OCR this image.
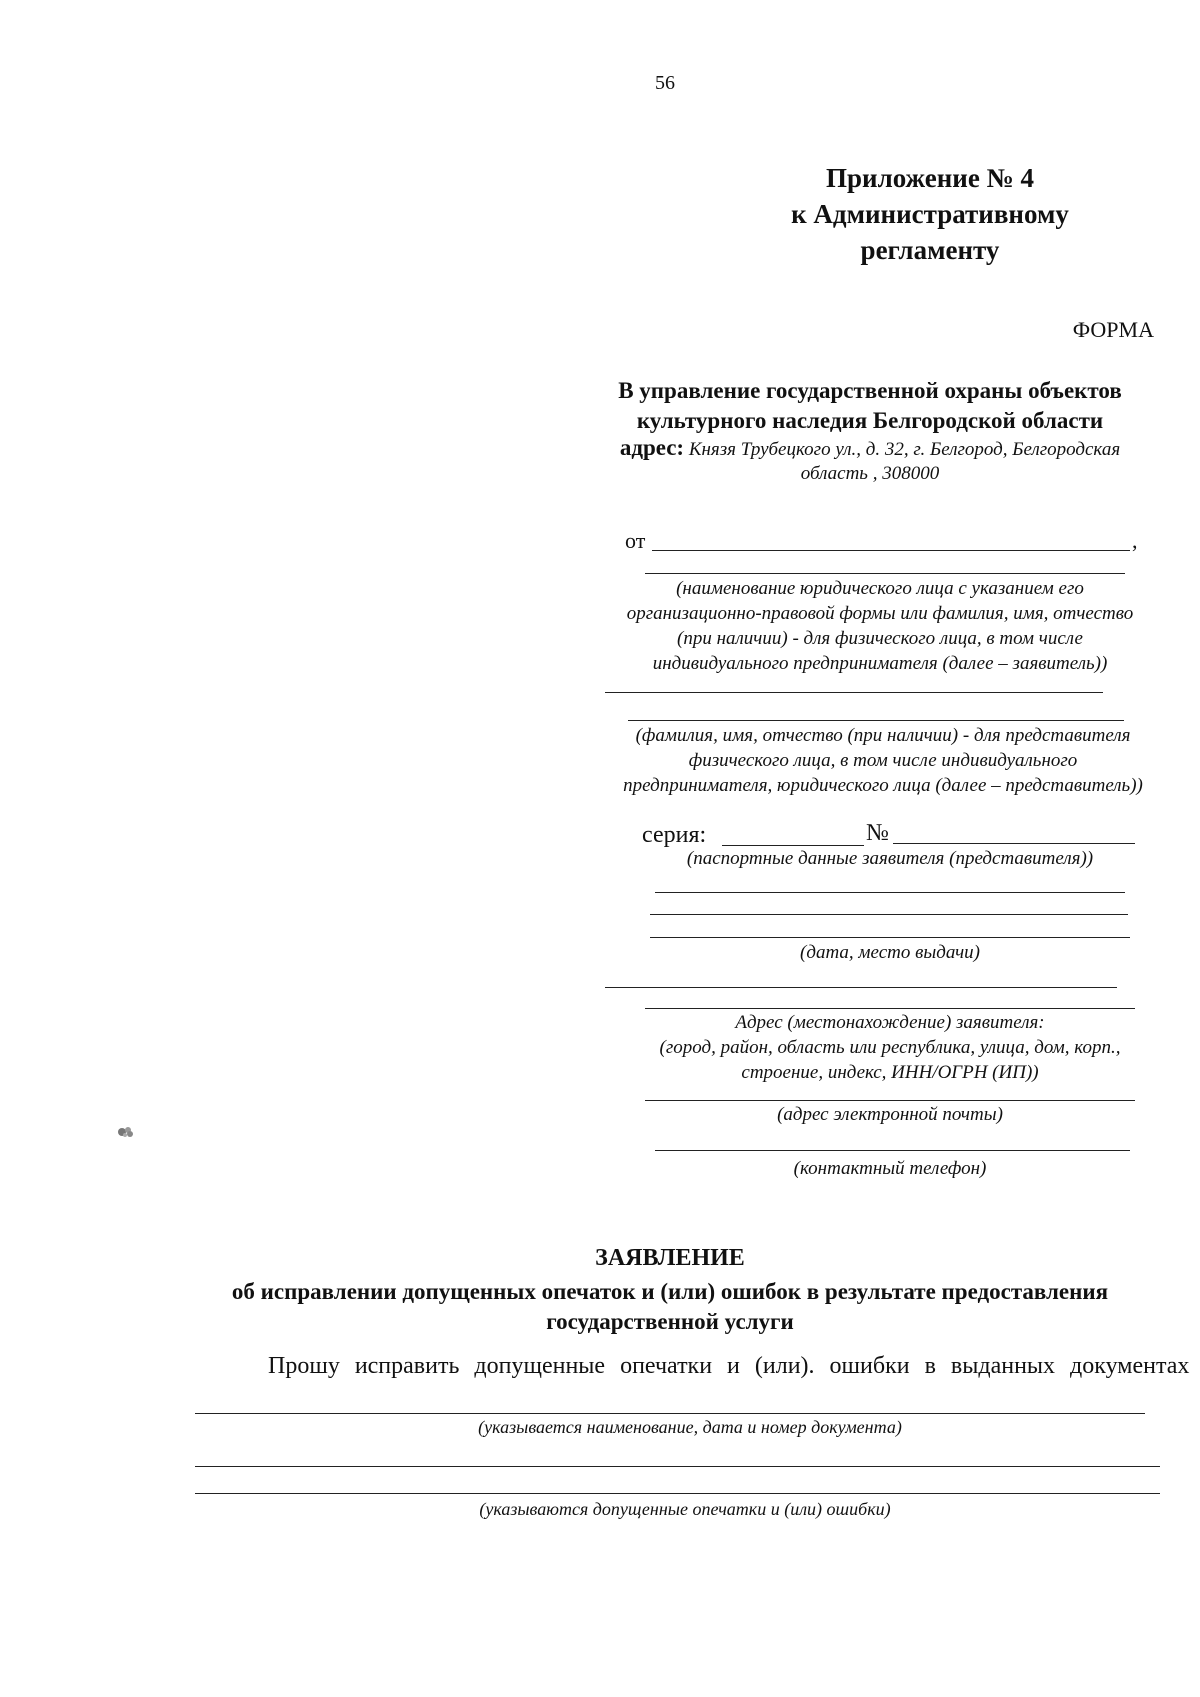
56
Приложение № 4
к Административному
регламенту
ФОРМА
В управление государственной охраны объектов
культурного наследия Белгородской области
адрес: Князя Трубецкого ул., д. 32, г. Белгород, Белгородская
область , 308000
от	,
(наименование юридического лица с указанием его
организационно-правовой формы или фамилия, имя, отчество
(при наличии) - для физического лица, в том числе
индивидуального предпринимателя (далее – заявитель))
(фамилия, имя, отчество (при наличии) - для представителя
физического лица, в том числе индивидуального
предпринимателя, юридического лица (далее – представитель))
серия:	№
(паспортные данные заявителя (представителя))
(дата, место выдачи)
Адрес (местонахождение) заявителя:
(город, район, область или республика, улица, дом, корп.,
строение, индекс, ИНН/ОГРН (ИП))
(адрес электронной почты)
(контактный телефон)
ЗАЯВЛЕНИЕ
об исправлении допущенных опечаток и (или) ошибок в результате предоставления
государственной услуги
Прошу исправить допущенные опечатки и (или). ошибки в выданных документах
(указывается наименование, дата и номер документа)
(указываются допущенные опечатки и (или) ошибки)
